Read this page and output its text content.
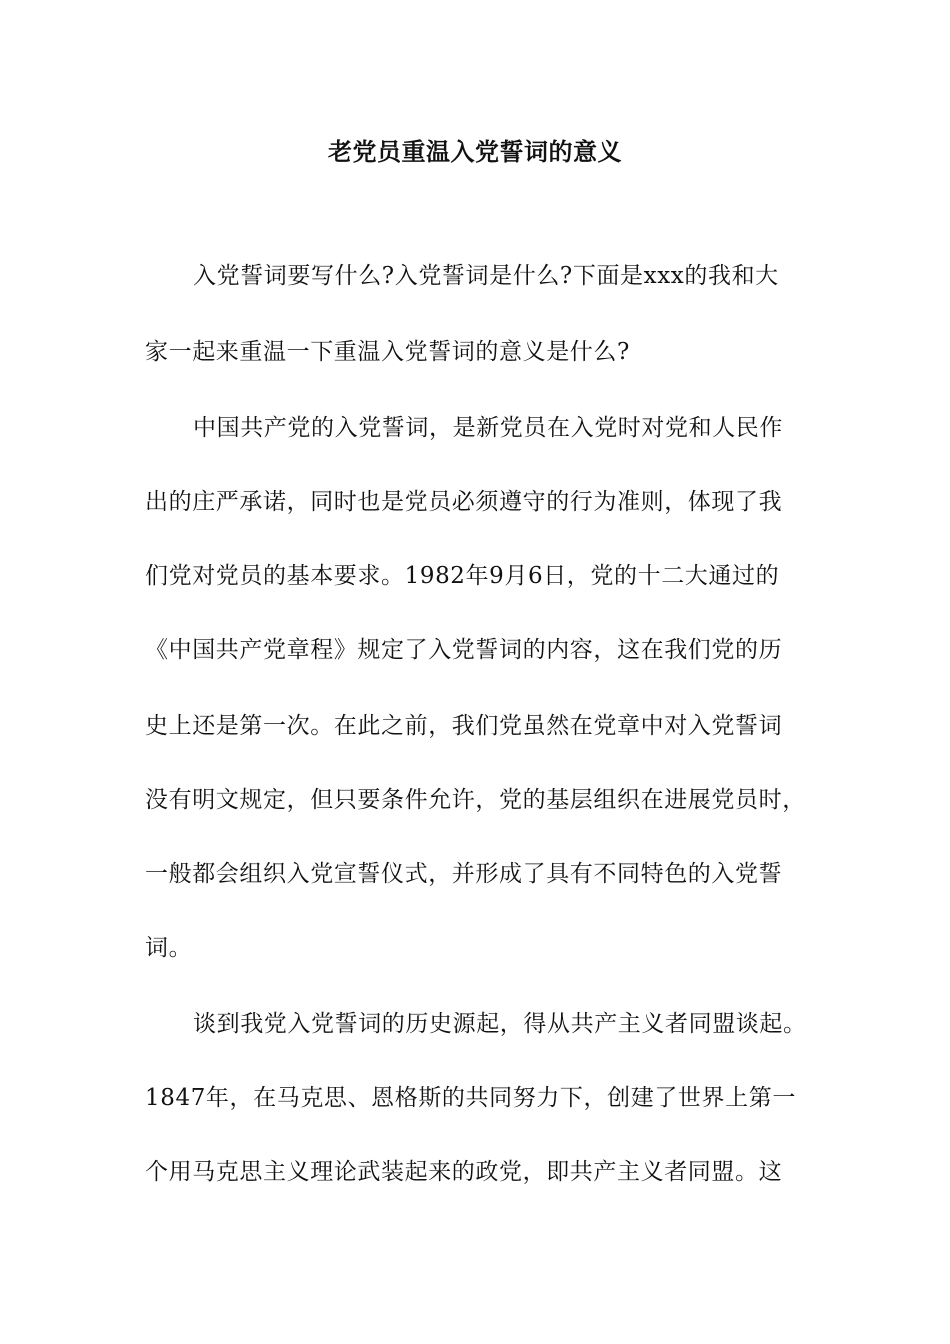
老党员重温入党誓词的意义
入党誓词要写什么?入党誓词是什么?下面是xxx的我和大
家一起来重温一下重温入党誓词的意义是什么?
中国共产党的入党誓词，是新党员在入党时对党和人民作
出的庄严承诺，同时也是党员必须遵守的行为准则，体现了我
们党对党员的基本要求。1982年9月6日，党的十二大通过的
《中国共产党章程》规定了入党誓词的内容，这在我们党的历
史上还是第一次。在此之前，我们党虽然在党章中对入党誓词
没有明文规定，但只要条件允许，党的基层组织在进展党员时，
一般都会组织入党宣誓仪式，并形成了具有不同特色的入党誓
词。
谈到我党入党誓词的历史源起，得从共产主义者同盟谈起。
1847年，在马克思、恩格斯的共同努力下，创建了世界上第一
个用马克思主义理论武装起来的政党，即共产主义者同盟。这
